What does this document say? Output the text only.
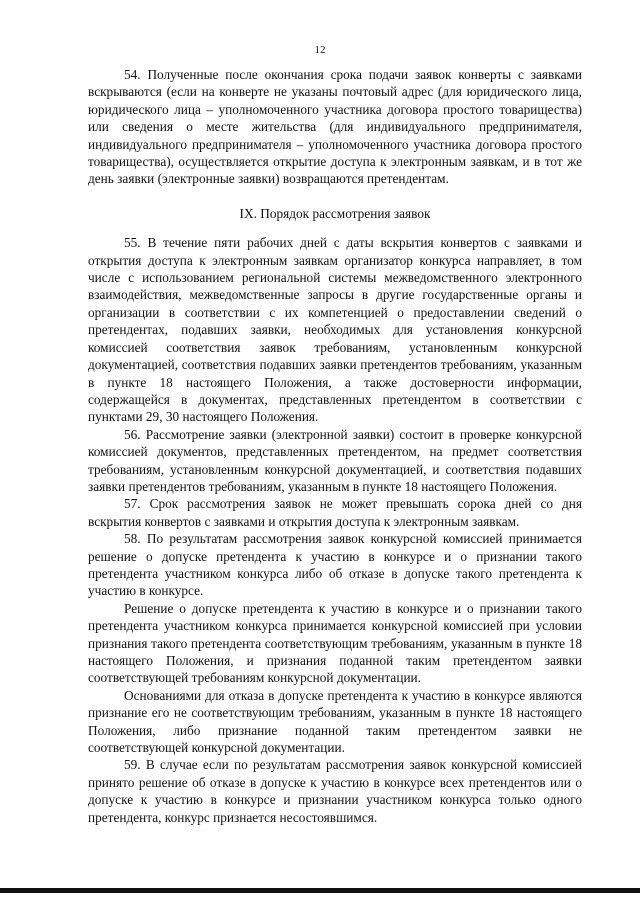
12

54. Полученные после окончания срока подачи заявок конверты с заявками вскрываются (если на конверте не указаны почтовый адрес (для юридического лица, юридического лица – уполномоченного участника договора простого товарищества) или сведения о месте жительства (для индивидуального предпринимателя, индивидуального предпринимателя – уполномоченного участника договора простого товарищества), осуществляется открытие доступа к электронным заявкам, и в тот же день заявки (электронные заявки) возвращаются претендентам.

IX. Порядок рассмотрения заявок

55. В течение пяти рабочих дней с даты вскрытия конвертов с заявками и открытия доступа к электронным заявкам организатор конкурса направляет, в том числе с использованием региональной системы межведомственного электронного взаимодействия, межведомственные запросы в другие государственные органы и организации в соответствии с их компетенцией о предоставлении сведений о претендентах, подавших заявки, необходимых для установления конкурсной комиссией соответствия заявок требованиям, установленным конкурсной документацией, соответствия подавших заявки претендентов требованиям, указанным в пункте 18 настоящего Положения, а также достоверности информации, содержащейся в документах, представленных претендентом в соответствии с пунктами 29, 30 настоящего Положения.

56. Рассмотрение заявки (электронной заявки) состоит в проверке конкурсной комиссией документов, представленных претендентом, на предмет соответствия требованиям, установленным конкурсной документацией, и соответствия подавших заявки претендентов требованиям, указанным в пункте 18 настоящего Положения.

57. Срок рассмотрения заявок не может превышать сорока дней со дня вскрытия конвертов с заявками и открытия доступа к электронным заявкам.

58. По результатам рассмотрения заявок конкурсной комиссией принимается решение о допуске претендента к участию в конкурсе и о признании такого претендента участником конкурса либо об отказе в допуске такого претендента к участию в конкурсе.

Решение о допуске претендента к участию в конкурсе и о признании такого претендента участником конкурса принимается конкурсной комиссией при условии признания такого претендента соответствующим требованиям, указанным в пункте 18 настоящего Положения, и признания поданной таким претендентом заявки соответствующей требованиям конкурсной документации.

Основаниями для отказа в допуске претендента к участию в конкурсе являются признание его не соответствующим требованиям, указанным в пункте 18 настоящего Положения, либо признание поданной таким претендентом заявки не соответствующей конкурсной документации.

59. В случае если по результатам рассмотрения заявок конкурсной комиссией принято решение об отказе в допуске к участию в конкурсе всех претендентов или о допуске к участию в конкурсе и признании участником конкурса только одного претендента, конкурс признается несостоявшимся.
